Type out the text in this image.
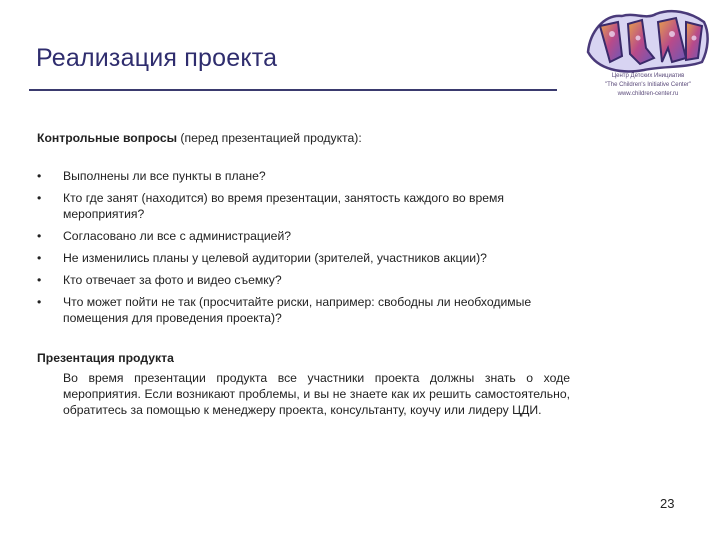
Реализация проекта
Центр Детских Инициатив
"The Children's Initiative Center"
www.children-center.ru
Контрольные вопросы (перед презентацией продукта):
• Выполнены ли все пункты в плане?
• Кто где занят (находится) во время презентации, занятость каждого во время мероприятия?
• Согласовано ли все с администрацией?
• Не изменились планы у целевой аудитории (зрителей, участников акции)?
• Кто отвечает за фото и видео съемку?
• Что может пойти не так (просчитайте риски, например: свободны ли необходимые помещения для проведения проекта)?
Презентация продукта
Во время презентации продукта все участники проекта должны знать о ходе мероприятия. Если возникают проблемы, и вы не знаете как их решить самостоятельно, обратитесь за помощью к менеджеру проекта, консультанту, коучу или лидеру ЦДИ.
23
